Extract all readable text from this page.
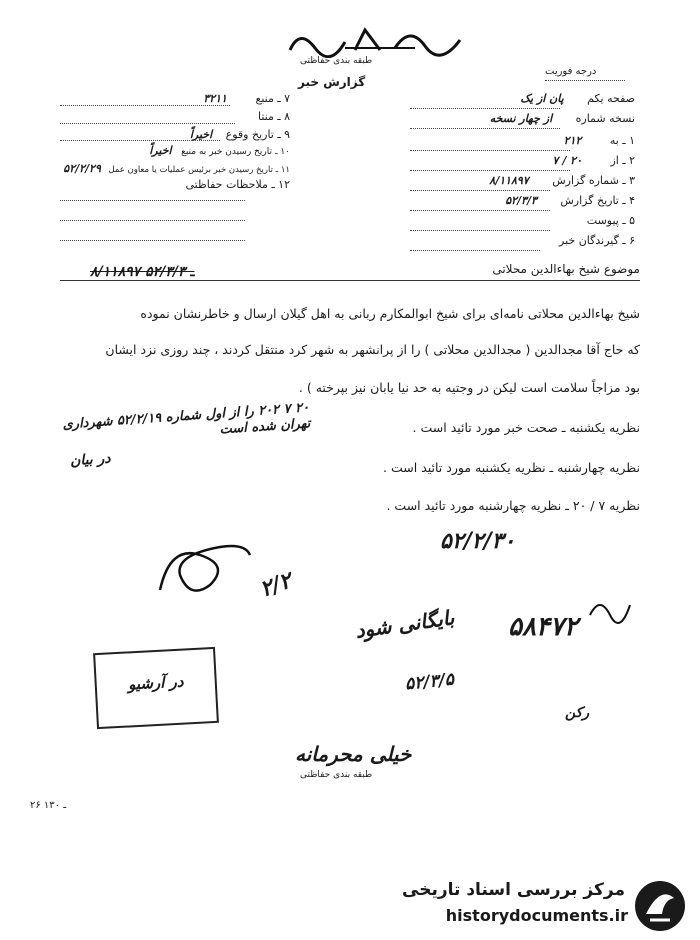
طبقه بندی حفاظتی
گزارش خبر
درجه فوریت
۷ ـ منبع ۳۲۱۱
۸ ـ منتا
۹ ـ تاریخ وقوع اخیراً
۱۰ ـ تاریخ رسیدن خبر به منبع اخیراً
۱۱ ـ تاریخ رسیدن خبر برئیس عملیات یا معاون عمل ۵۲/۲/۲۹
۱۲ ـ ملاحظات حفاظتی
صفحه یکم پان از یک
نسخه شماره از چهار نسخه
۱ ـ به ۲۱۲
۲ ـ از ۲۰ / ۷
۳ ـ شماره گزارش ۸/۱۱۸۹۷
۴ ـ تاریخ گزارش ۵۲/۳/۳
۵ ـ پیوست
۶ ـ گیرندگان خبر
موضوع شیخ بهاءالدین محلاتی
۸/۱۱۸۹۷ ـ ۵۲/۳/۳
شیخ بهاءالدین محلاتی نامه‌ای برای شیخ ابوالمکارم ربانی به اهل گیلان ارسال و خاطرنشان نموده
که حاج آقا مجدالدین ( مجدالدین محلاتی ) را از پرانشهر به شهر کرد منتقل کردند ، چند روزی نزد ایشان
بود مزاجاً سلامت است لیکن در وجتیه به حد نیا یابان نیز بپرخته ) .
نظریه یکشنبه ـ صحت خبر مورد تائید است .
نظریه چهارشنبه ـ نظریه یکشنبه مورد تائید است .
نظریه ۷ / ۲۰ ـ نظریه چهارشنبه مورد تائید است .
۲۰ ۷ ۲۰۲ را از اول شماره ۵۲/۲/۱۹ شهرداری تهران شده است
در بیان
۵۲/۲/۳۰
۲/۲
بایگانی شود ۵۸۴۷۲
۵۲/۳/۵
رکن
در آرشیو
خیلی محرمانه
طبقه بندی حفاظتی
۲۶ ـ ۱۳۰
مرکز بررسی اسناد تاریخی
historydocuments.ir
